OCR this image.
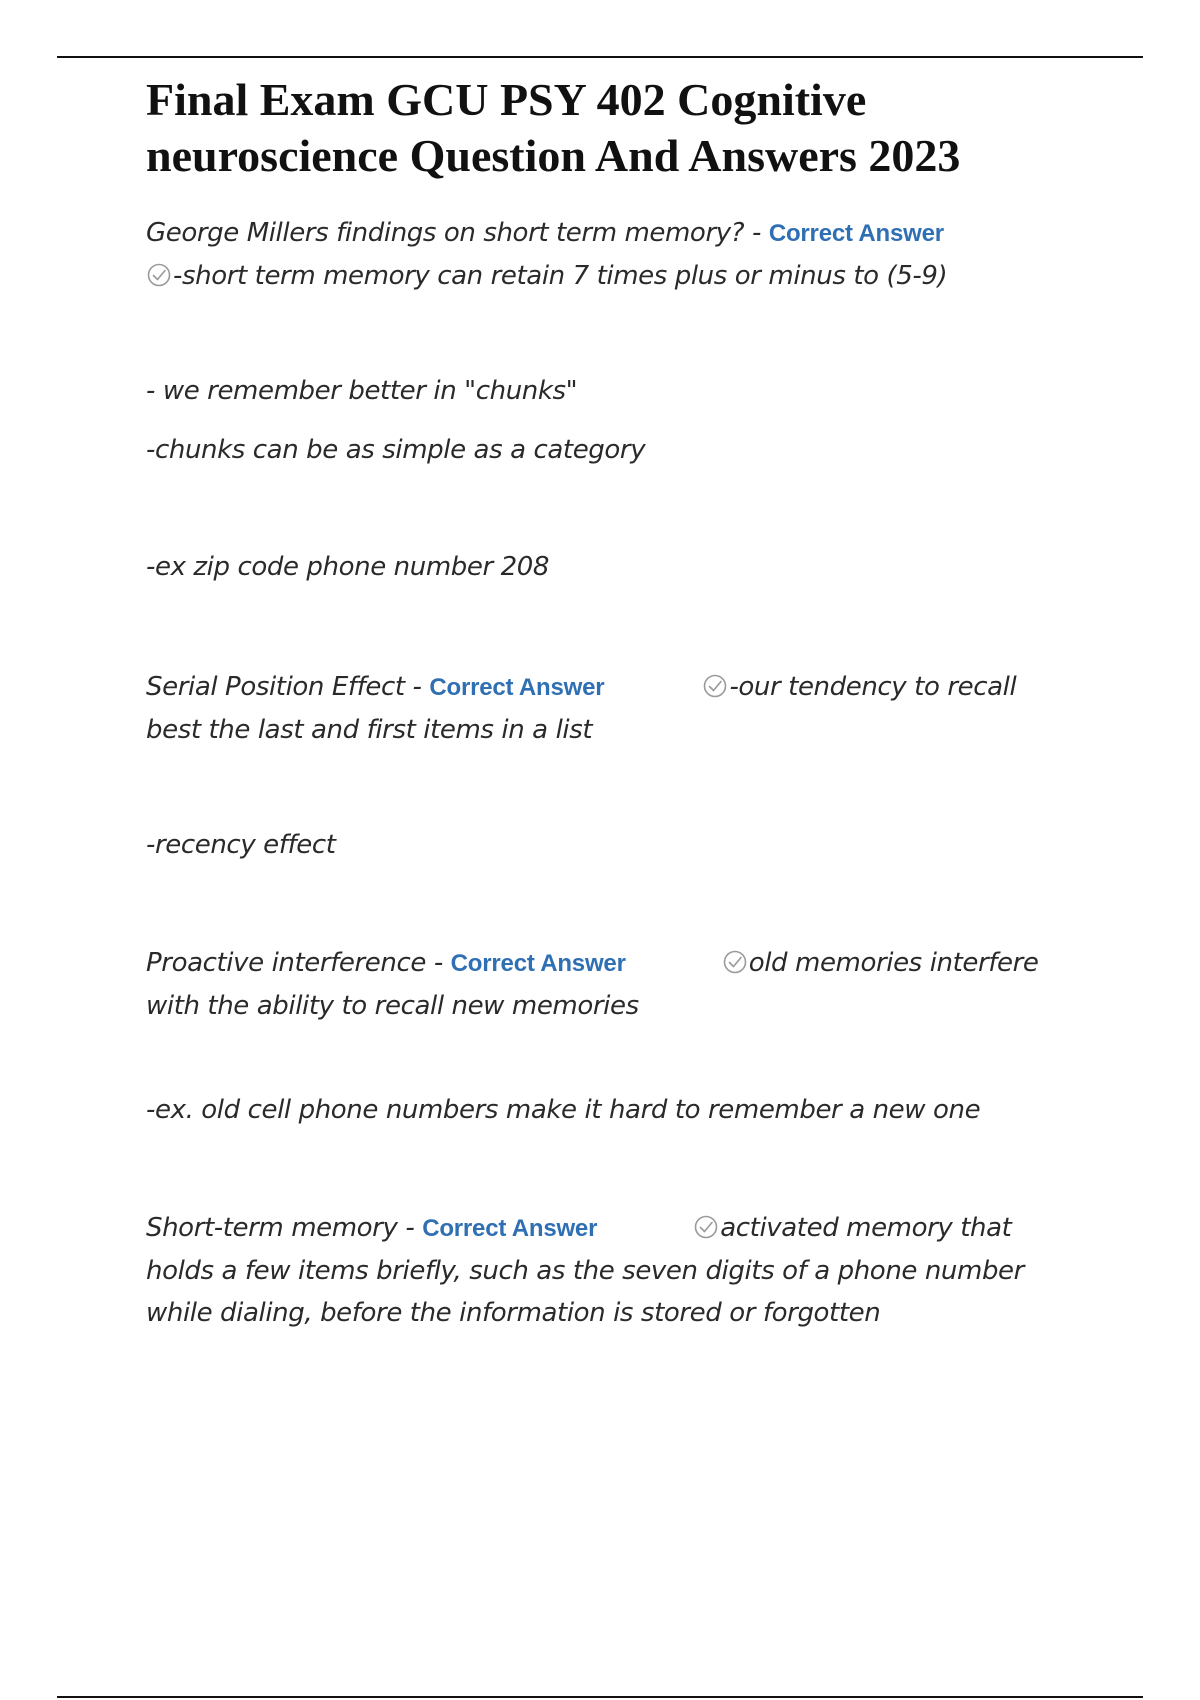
Final Exam GCU PSY 402 Cognitive
neuroscience Question And Answers 2023
George Millers findings on short term memory? - Correct Answer
-short term memory can retain 7 times plus or minus to (5-9)
- we remember better in "chunks"
-chunks can be as simple as a category
-ex zip code phone number 208
Serial Position Effect - Correct Answer	-our tendency to recall
best the last and first items in a list
-recency effect
Proactive interference - Correct Answer	old memories interfere
with the ability to recall new memories
-ex. old cell phone numbers make it hard to remember a new one
Short-term memory - Correct Answer	activated memory that
holds a few items briefly, such as the seven digits of a phone number
while dialing, before the information is stored or forgotten
